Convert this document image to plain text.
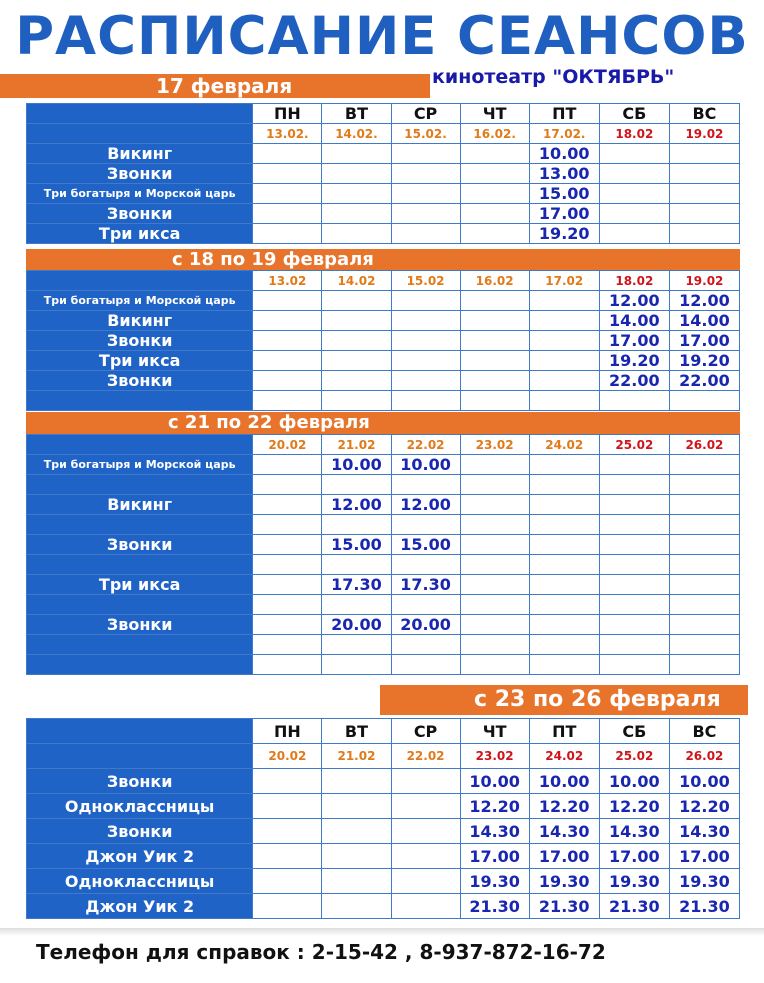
РАСПИСАНИЕ СЕАНСОВ
кинотеатр "ОКТЯБРЬ"
17 февраля
с 18 по 19 февраля
с 21 по 22 февраля
с 23 по 26 февраля
	ПН	ВТ	СР	ЧТ	ПТ	СБ	ВС
	13.02.	14.02.	15.02.	16.02.	17.02.	18.02	19.02
Викинг					10.00		
Звонки					13.00		
Три богатыря и Морской царь					15.00		
Звонки					17.00		
Три икса					19.20		
	13.02	14.02	15.02	16.02	17.02	18.02	19.02
Три богатыря и Морской царь						12.00	12.00
Викинг						14.00	14.00
Звонки						17.00	17.00
Три икса						19.20	19.20
Звонки						22.00	22.00

	20.02	21.02	22.02	23.02	24.02	25.02	26.02
Три богатыря и Морской царь		10.00	10.00				

Викинг		12.00	12.00				

Звонки		15.00	15.00				

Три икса		17.30	17.30				

Звонки		20.00	20.00				

	ПН	ВТ	СР	ЧТ	ПТ	СБ	ВС
	20.02	21.02	22.02	23.02	24.02	25.02	26.02
Звонки				10.00	10.00	10.00	10.00
Одноклассницы				12.20	12.20	12.20	12.20
Звонки				14.30	14.30	14.30	14.30
Джон Уик 2				17.00	17.00	17.00	17.00
Одноклассницы				19.30	19.30	19.30	19.30
Джон Уик 2				21.30	21.30	21.30	21.30
Телефон для справок : 2-15-42 , 8-937-872-16-72
